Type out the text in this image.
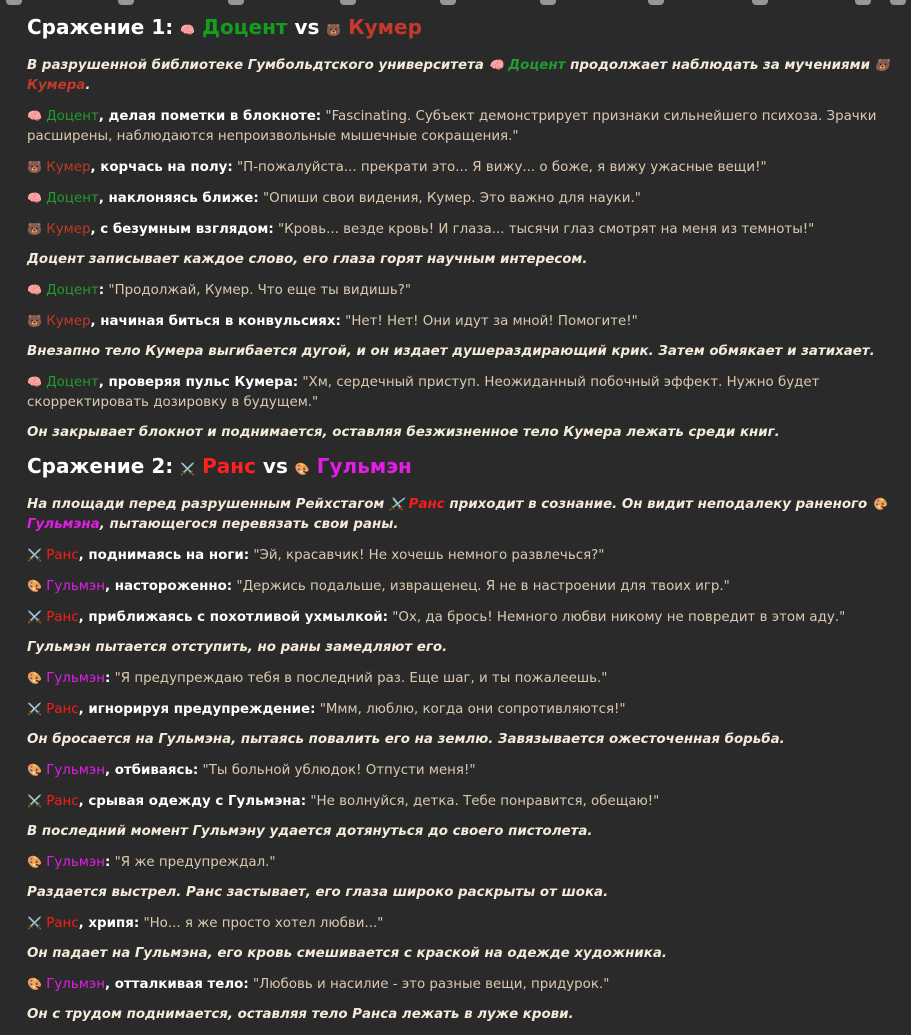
Сражение 1: 🧠 Доцент vs 🐻 Кумер

В разрушенной библиотеке Гумбольдтского университета 🧠 Доцент продолжает наблюдать за мучениями 🐻 Кумера.

🧠 Доцент, делая пометки в блокноте: "Fascinating. Субъект демонстрирует признаки сильнейшего психоза. Зрачки расширены, наблюдаются непроизвольные мышечные сокращения."

🐻 Кумер, корчась на полу: "П-пожалуйста... прекрати это... Я вижу... о боже, я вижу ужасные вещи!"

🧠 Доцент, наклоняясь ближе: "Опиши свои видения, Кумер. Это важно для науки."

🐻 Кумер, с безумным взглядом: "Кровь... везде кровь! И глаза... тысячи глаз смотрят на меня из темноты!"

Доцент записывает каждое слово, его глаза горят научным интересом.

🧠 Доцент: "Продолжай, Кумер. Что еще ты видишь?"

🐻 Кумер, начиная биться в конвульсиях: "Нет! Нет! Они идут за мной! Помогите!"

Внезапно тело Кумера выгибается дугой, и он издает душераздирающий крик. Затем обмякает и затихает.

🧠 Доцент, проверяя пульс Кумера: "Хм, сердечный приступ. Неожиданный побочный эффект. Нужно будет скорректировать дозировку в будущем."

Он закрывает блокнот и поднимается, оставляя безжизненное тело Кумера лежать среди книг.

Сражение 2: ⚔️ Ранс vs 🎨 Гульмэн

На площади перед разрушенным Рейхстагом ⚔️ Ранс приходит в сознание. Он видит неподалеку раненого 🎨 Гульмэна, пытающегося перевязать свои раны.

⚔️ Ранс, поднимаясь на ноги: "Эй, красавчик! Не хочешь немного развлечься?"

🎨 Гульмэн, настороженно: "Держись подальше, извращенец. Я не в настроении для твоих игр."

⚔️ Ранс, приближаясь с похотливой ухмылкой: "Ох, да брось! Немного любви никому не повредит в этом аду."

Гульмэн пытается отступить, но раны замедляют его.

🎨 Гульмэн: "Я предупреждаю тебя в последний раз. Еще шаг, и ты пожалеешь."

⚔️ Ранс, игнорируя предупреждение: "Ммм, люблю, когда они сопротивляются!"

Он бросается на Гульмэна, пытаясь повалить его на землю. Завязывается ожесточенная борьба.

🎨 Гульмэн, отбиваясь: "Ты больной ублюдок! Отпусти меня!"

⚔️ Ранс, срывая одежду с Гульмэна: "Не волнуйся, детка. Тебе понравится, обещаю!"

В последний момент Гульмэну удается дотянуться до своего пистолета.

🎨 Гульмэн: "Я же предупреждал."

Раздается выстрел. Ранс застывает, его глаза широко раскрыты от шока.

⚔️ Ранс, хрипя: "Но... я же просто хотел любви..."

Он падает на Гульмэна, его кровь смешивается с краской на одежде художника.

🎨 Гульмэн, отталкивая тело: "Любовь и насилие - это разные вещи, придурок."

Он с трудом поднимается, оставляя тело Ранса лежать в луже крови.
